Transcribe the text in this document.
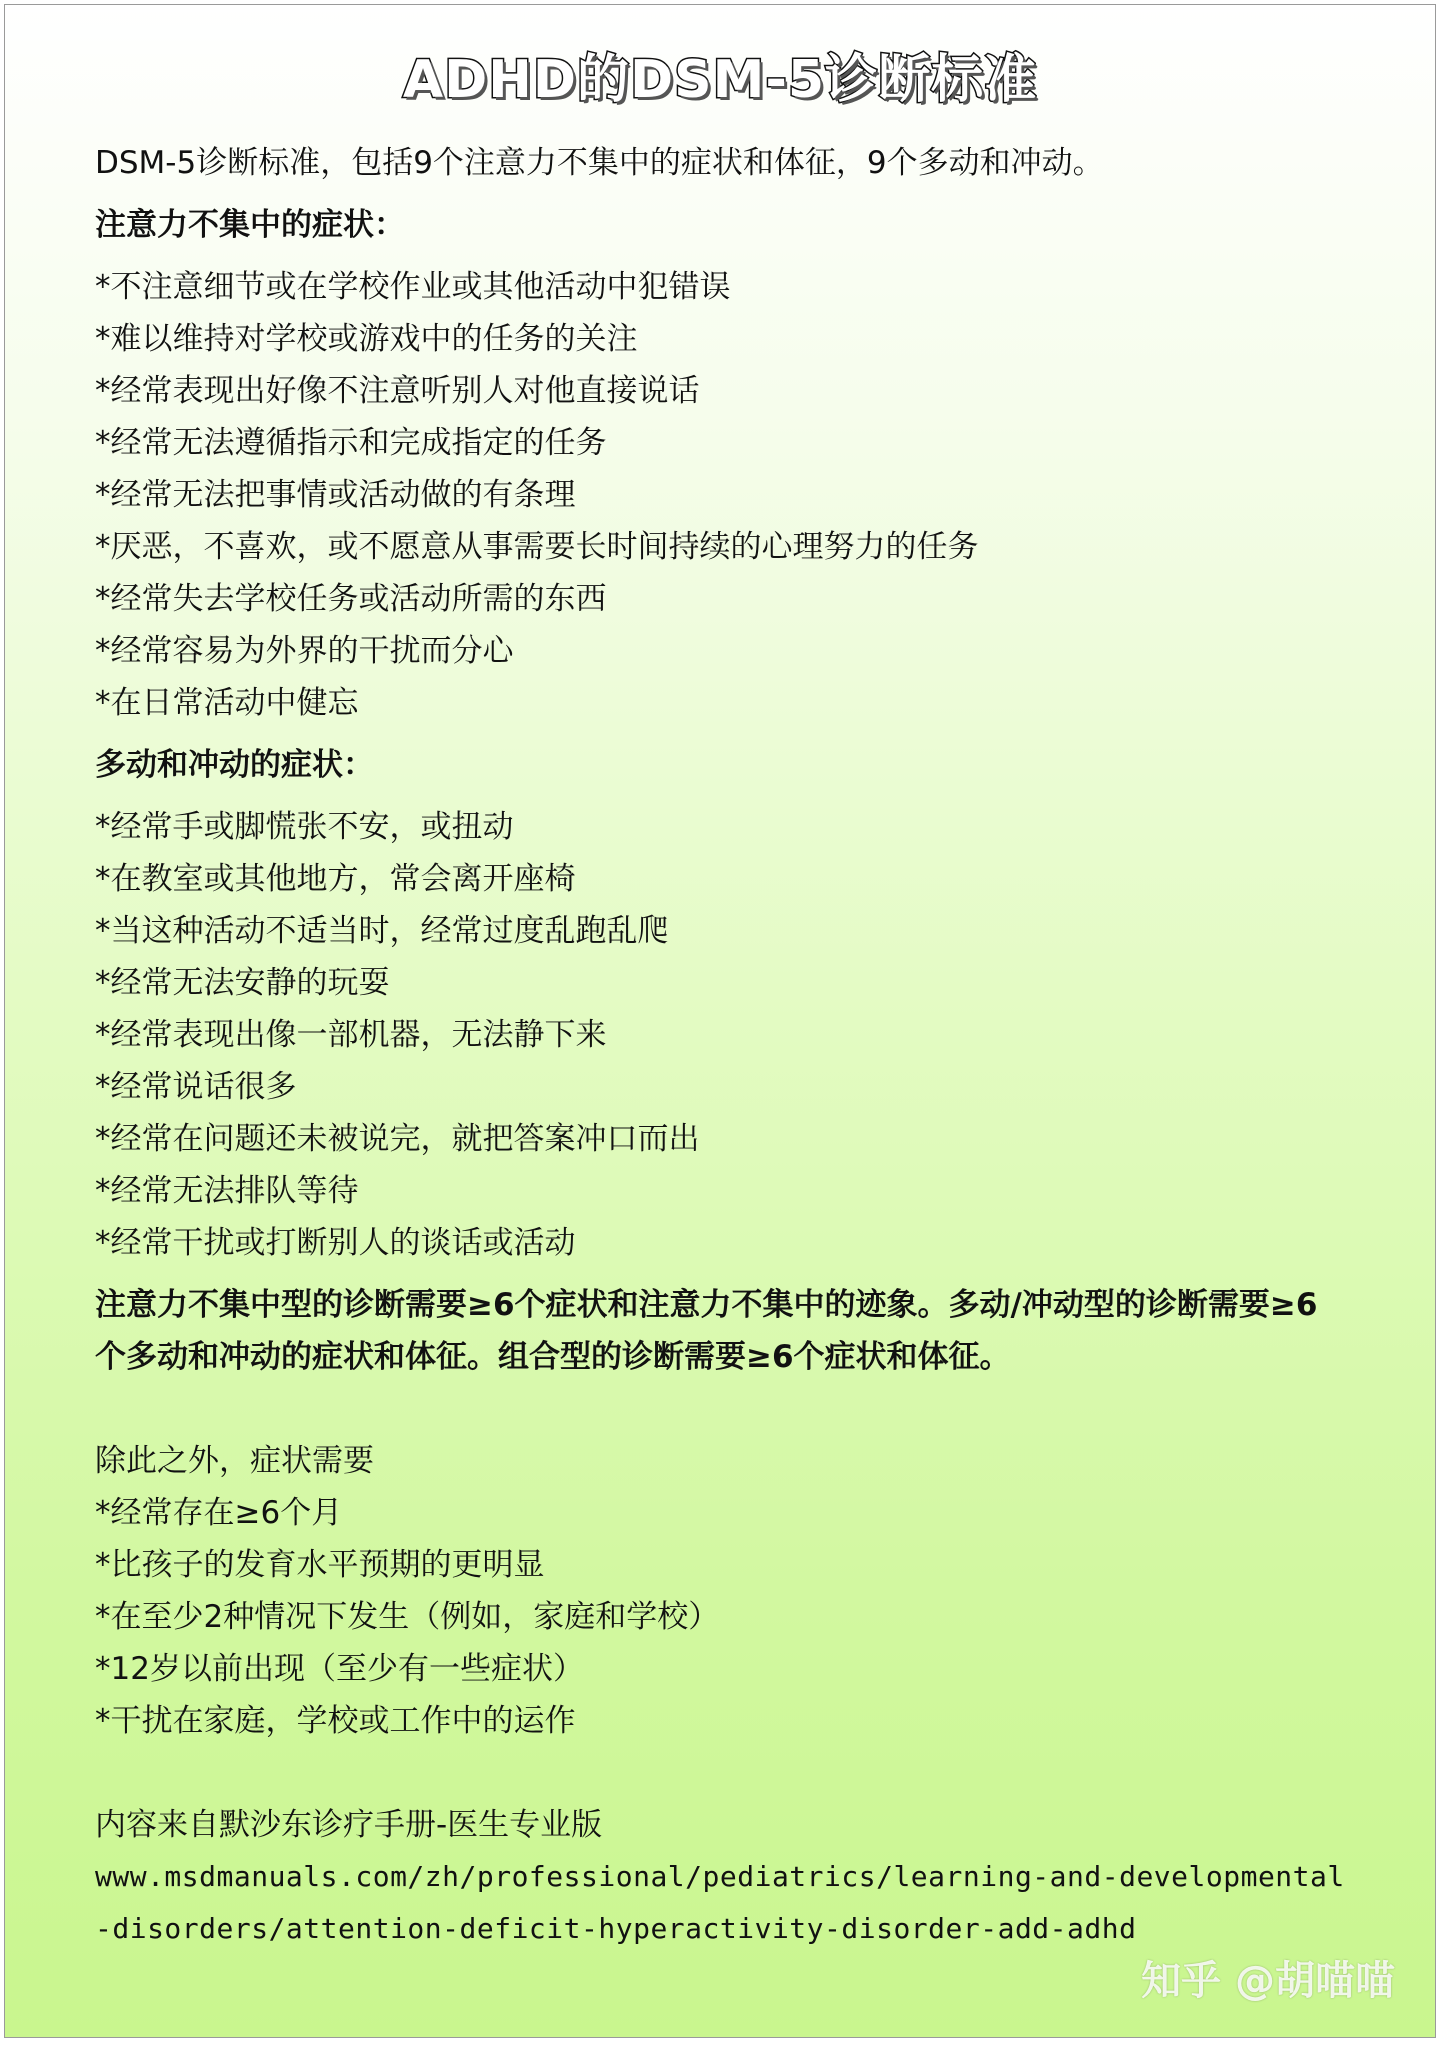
ADHD的DSM-5诊断标准
DSM-5诊断标准，包括9个注意力不集中的症状和体征，9个多动和冲动。
注意力不集中的症状：
*不注意细节或在学校作业或其他活动中犯错误
*难以维持对学校或游戏中的任务的关注
*经常表现出好像不注意听别人对他直接说话
*经常无法遵循指示和完成指定的任务
*经常无法把事情或活动做的有条理
*厌恶，不喜欢，或不愿意从事需要长时间持续的心理努力的任务
*经常失去学校任务或活动所需的东西
*经常容易为外界的干扰而分心
*在日常活动中健忘
多动和冲动的症状：
*经常手或脚慌张不安，或扭动
*在教室或其他地方，常会离开座椅
*当这种活动不适当时，经常过度乱跑乱爬
*经常无法安静的玩耍
*经常表现出像一部机器，无法静下来
*经常说话很多
*经常在问题还未被说完，就把答案冲口而出
*经常无法排队等待
*经常干扰或打断别人的谈话或活动
注意力不集中型的诊断需要≥6个症状和注意力不集中的迹象。多动/冲动型的诊断需要≥6个多动和冲动的症状和体征。组合型的诊断需要≥6个症状和体征。
除此之外，症状需要
*经常存在≥6个月
*比孩子的发育水平预期的更明显
*在至少2种情况下发生（例如，家庭和学校）
*12岁以前出现（至少有一些症状）
*干扰在家庭，学校或工作中的运作
内容来自默沙东诊疗手册-医生专业版
www.msdmanuals.com/zh/professional/pediatrics/learning-and-developmental-disorders/attention-deficit-hyperactivity-disorder-add-adhd
知乎 @胡喵喵
